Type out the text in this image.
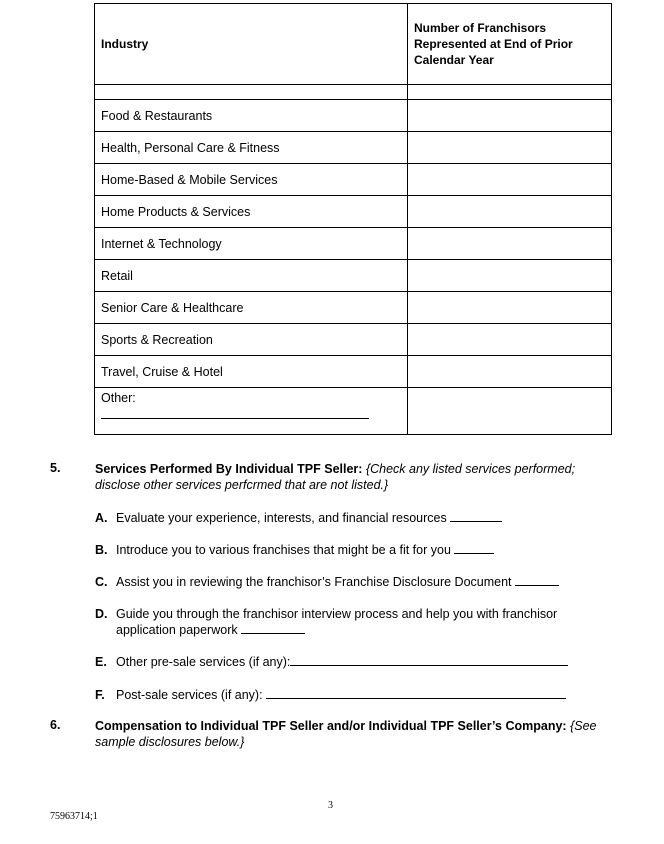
Industry	Number of Franchisors Represented at End of Prior Calendar Year

Food & Restaurants	
Health, Personal Care & Fitness	
Home-Based & Mobile Services	
Home Products & Services	
Internet & Technology	
Retail	
Senior Care & Healthcare	
Sports & Recreation	
Travel, Cruise & Hotel	

Other:	

5.	Services Performed By Individual TPF Seller: {Check any listed services performed; disclose other services perfcrmed that are not listed.}
A. Evaluate your experience, interests, and financial resources
B. Introduce you to various franchises that might be a fit for you
C. Assist you in reviewing the franchisor’s Franchise Disclosure Document
D. Guide you through the franchisor interview process and help you with franchisor application paperwork
E. Other pre-sale services (if any):
F. Post-sale services (if any):
6.	Compensation to Individual TPF Seller and/or Individual TPF Seller’s Company: {See sample disclosures below.}
3
75963714;1
